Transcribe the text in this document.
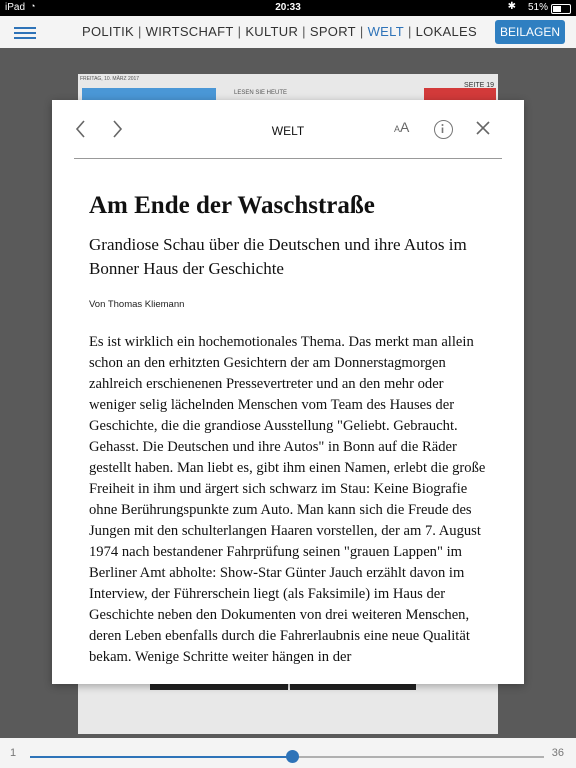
iPad ◔	20:33	✱ 51%
POLITIK | WIRTSCHAFT | KULTUR | SPORT | WELT | LOKALES	BEILAGEN
FREITAG, 10. MÄRZ 2017
LESEN SIE HEUTE
SEITE 19
WELT	AA
Am Ende der Waschstraße

Grandiose Schau über die Deutschen und ihre Autos im Bonner Haus der Geschichte

Von Thomas Kliemann

Es ist wirklich ein hochemotionales Thema. Das merkt man allein schon an den erhitzten Gesichtern der am Donnerstagmorgen zahlreich erschienenen Pressevertreter und an den mehr oder weniger selig lächelnden Menschen vom Team des Hauses der Geschichte, die die grandiose Ausstellung "Geliebt. Gebraucht. Gehasst. Die Deutschen und ihre Autos" in Bonn auf die Räder gestellt haben. Man liebt es, gibt ihm einen Namen, erlebt die große Freiheit in ihm und ärgert sich schwarz im Stau: Keine Biografie ohne Berührungspunkte zum Auto. Man kann sich die Freude des Jungen mit den schulterlangen Haaren vorstellen, der am 7. August 1974 nach bestandener Fahrprüfung seinen "grauen Lappen" im Berliner Amt abholte: Show-Star Günter Jauch erzählt davon im Interview, der Führerschein liegt (als Faksimile) im Haus der Geschichte neben den Dokumenten von drei weiteren Menschen, deren Leben ebenfalls durch die Fahrerlaubnis eine neue Qualität bekam. Wenige Schritte weiter hängen in der

1	36
